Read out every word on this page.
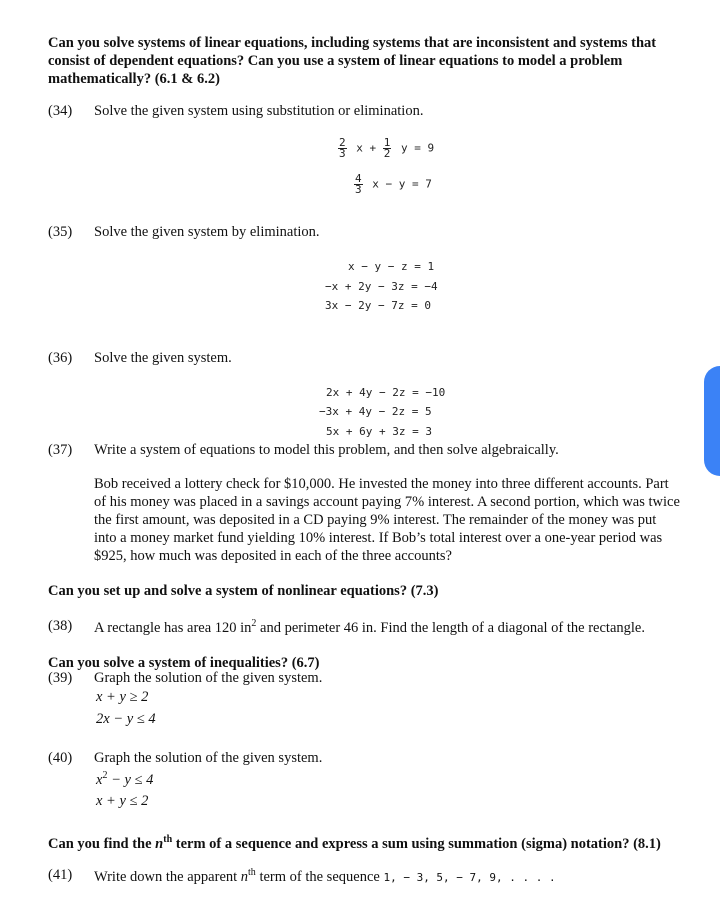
Can you solve systems of linear equations, including systems that are inconsistent and systems that
consist of dependent equations? Can you use a system of linear equations to model a problem
mathematically? (6.1 & 6.2)
(34) Solve the given system using substitution or elimination.
$\frac{2}{3}$ $x + \frac{1}{2}$ y = 9
$\frac{4}{3}$ x − y = 7
(35) Solve the given system by elimination.
x − y − z = 1
−x + 2y − 3z = −4
3x − 2y − 7z = 0
(36) Solve the given system.
2x + 4y − 2z = −10
−3x + 4y − 2z = 5
5x + 6y + 3z = 3
(37) Write a system of equations to model this problem, and then solve algebraically.
Bob received a lottery check for $10,000. He invested the money into three different accounts. Part
of his money was placed in a savings account paying 7% interest. A second portion, which was twice
the first amount, was deposited in a CD paying 9% interest. The remainder of the money was put
into a money market fund yielding 10% interest. If Bob’s total interest over a one-year period was
$925, how much was deposited in each of the three accounts?
Can you set up and solve a system of nonlinear equations? (7.3)
(38) A rectangle has area 120 $in^2$ and perimeter 46 in. Find the length of a diagonal of the rectangle.
Can you solve a system of inequalities? (6.7)
(39) Graph the solution of the given system.
x + y ≥ 2
2x − y ≤ 4
(40) Graph the solution of the given system.
$x^2 - y \le 4$
x + y ≤ 2
Can you find the $n^{th}$ term of a sequence and express a sum using summation (sigma) notation? (8.1)
(41) Write down the apparent $n^{th}$ term of the sequence 1, − 3, 5, − 7, 9, . . . .
